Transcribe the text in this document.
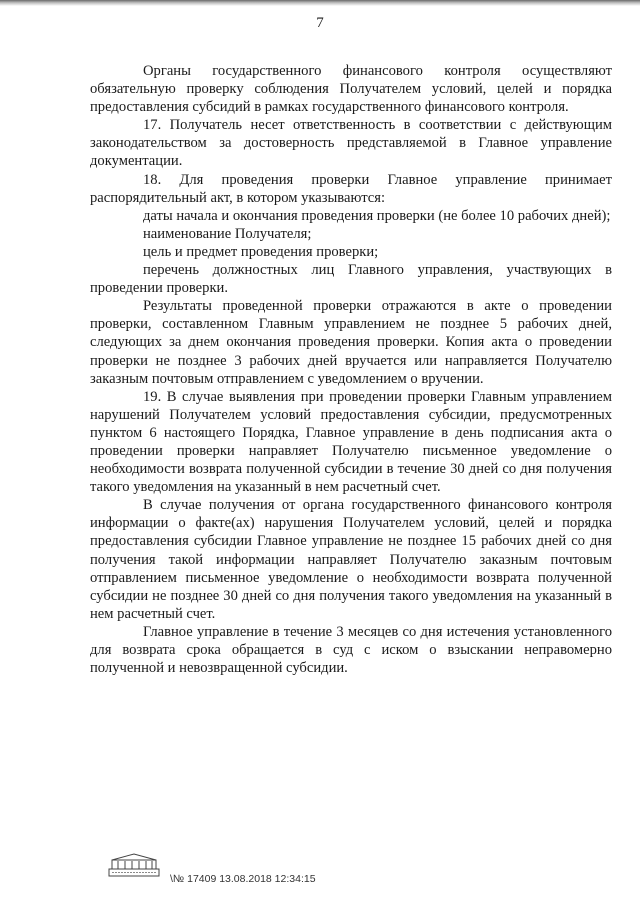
7

Органы государственного финансового контроля осуществляют обязательную проверку соблюдения Получателем условий, целей и порядка предоставления субсидий в рамках государственного финансового контроля.

17. Получатель несет ответственность в соответствии с действующим законодательством за достоверность представляемой в Главное управление документации.

18. Для проведения проверки Главное управление принимает распорядительный акт, в котором указываются:

даты начала и окончания проведения проверки (не более 10 рабочих дней);

наименование Получателя;

цель и предмет проведения проверки;

перечень должностных лиц Главного управления, участвующих в проведении проверки.

Результаты проведенной проверки отражаются в акте о проведении проверки, составленном Главным управлением не позднее 5 рабочих дней, следующих за днем окончания проведения проверки. Копия акта о проведении проверки не позднее 3 рабочих дней вручается или направляется Получателю заказным почтовым отправлением с уведомлением о вручении.

19. В случае выявления при проведении проверки Главным управлением нарушений Получателем условий предоставления субсидии, предусмотренных пунктом 6 настоящего Порядка, Главное управление в день подписания акта о проведении проверки направляет Получателю письменное уведомление о необходимости возврата полученной субсидии в течение 30 дней со дня получения такого уведомления на указанный в нем расчетный счет.

В случае получения от органа государственного финансового контроля информации о факте(ах) нарушения Получателем условий, целей и порядка предоставления субсидии Главное управление не позднее 15 рабочих дней со дня получения такой информации направляет Получателю заказным почтовым отправлением письменное уведомление о необходимости возврата полученной субсидии не позднее 30 дней со дня получения такого уведомления на указанный в нем расчетный счет.

Главное управление в течение 3 месяцев со дня истечения установленного для возврата срока обращается в суд с иском о взыскании неправомерно полученной и невозвращенной субсидии.

\№ 17409 13.08.2018 12:34:15
